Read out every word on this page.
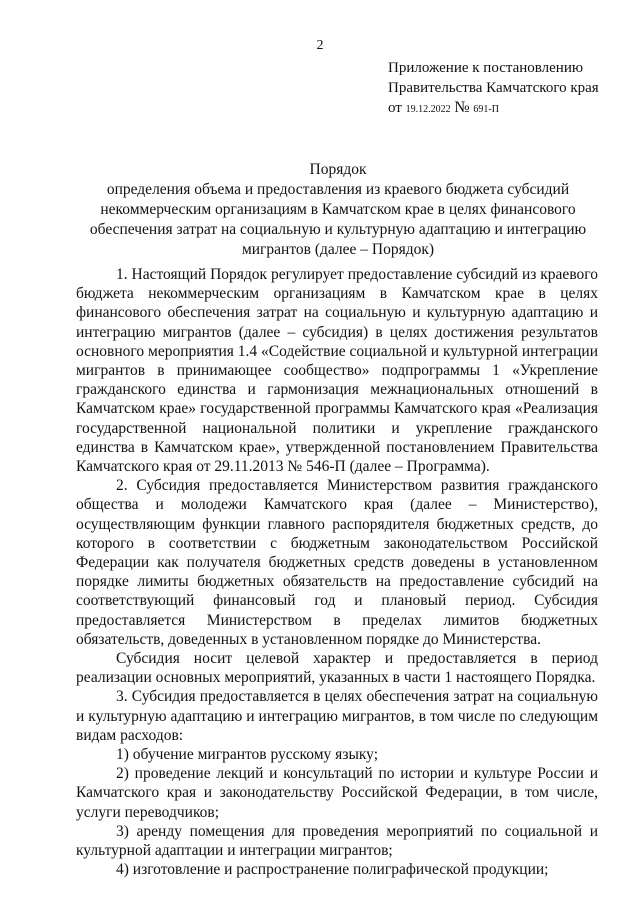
2
Приложение к постановлению
Правительства Камчатского края
от 19.12.2022 № 691-П
Порядок
определения объема и предоставления из краевого бюджета субсидий
некоммерческим организациям в Камчатском крае в целях финансового
обеспечения затрат на социальную и культурную адаптацию и интеграцию
мигрантов (далее – Порядок)

1. Настоящий Порядок регулирует предоставление субсидий из краевого бюджета некоммерческим организациям в Камчатском крае в целях финансового обеспечения затрат на социальную и культурную адаптацию и интеграцию мигрантов (далее – субсидия) в целях достижения результатов основного мероприятия 1.4 «Содействие социальной и культурной интеграции мигрантов в принимающее сообщество» подпрограммы 1 «Укрепление гражданского единства и гармонизация межнациональных отношений в Камчатском крае» государственной программы Камчатского края «Реализация государственной национальной политики и укрепление гражданского единства в Камчатском крае», утвержденной постановлением Правительства Камчатского края от 29.11.2013 № 546-П (далее – Программа).

2. Субсидия предоставляется Министерством развития гражданского общества и молодежи Камчатского края (далее – Министерство), осуществляющим функции главного распорядителя бюджетных средств, до которого в соответствии с бюджетным законодательством Российской Федерации как получателя бюджетных средств доведены в установленном порядке лимиты бюджетных обязательств на предоставление субсидий на соответствующий финансовый год и плановый период. Субсидия предоставляется Министерством в пределах лимитов бюджетных обязательств, доведенных в установленном порядке до Министерства.

Субсидия носит целевой характер и предоставляется в период реализации основных мероприятий, указанных в части 1 настоящего Порядка.

3. Субсидия предоставляется в целях обеспечения затрат на социальную и культурную адаптацию и интеграцию мигрантов, в том числе по следующим видам расходов:

1) обучение мигрантов русскому языку;

2) проведение лекций и консультаций по истории и культуре России и Камчатского края и законодательству Российской Федерации, в том числе, услуги переводчиков;

3) аренду помещения для проведения мероприятий по социальной и культурной адаптации и интеграции мигрантов;

4) изготовление и распространение полиграфической продукции;
